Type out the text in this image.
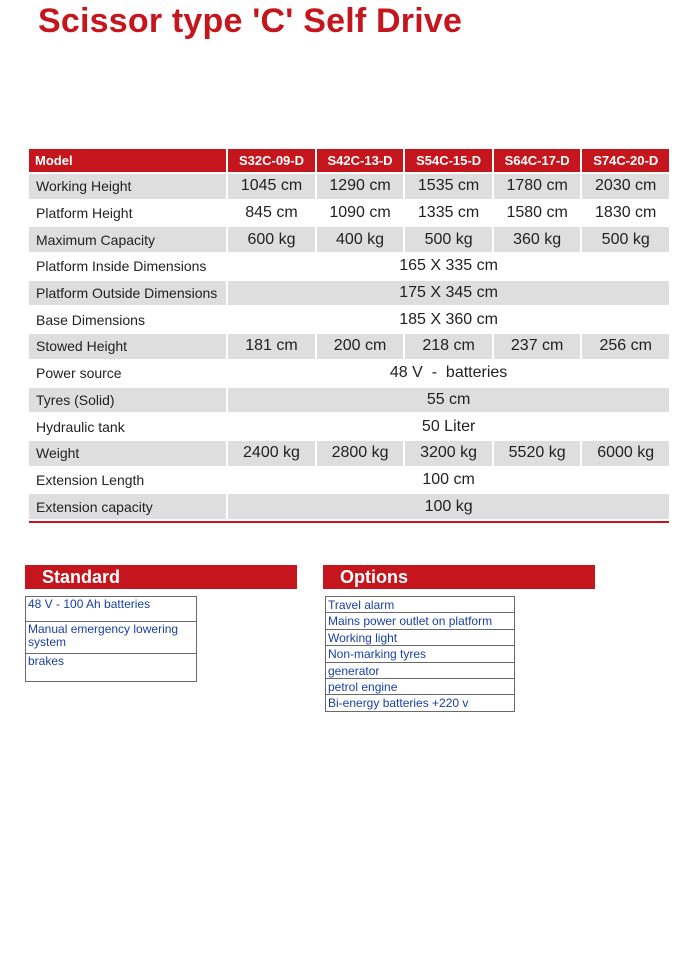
Scissor type 'C' Self Drive
Model	S32C-09-D	S42C-13-D	S54C-15-D	S64C-17-D	S74C-20-D
Working Height	1045 cm	1290 cm	1535 cm	1780 cm	2030 cm
Platform Height	845 cm	1090 cm	1335 cm	1580 cm	1830 cm
Maximum Capacity	600 kg	400 kg	500 kg	360 kg	500 kg
Platform Inside Dimensions	165 X 335 cm				
Platform Outside Dimensions	175 X 345 cm				
Base Dimensions	185 X 360 cm				
Stowed Height	181 cm	200 cm	218 cm	237 cm	256 cm
Power source	48 V  -  batteries				
Tyres (Solid)	55 cm				
Hydraulic tank	50 Liter				
Weight	2400 kg	2800 kg	3200 kg	5520 kg	6000 kg
Extension Length	100 cm				
Extension capacity	100 kg				
Standard
48 V - 100 Ah batteries
Manual emergency lowering system
brakes
Options
Travel alarm
Mains power outlet on platform
Working light
Non-marking tyres
generator
petrol engine
Bi-energy batteries +220 v
